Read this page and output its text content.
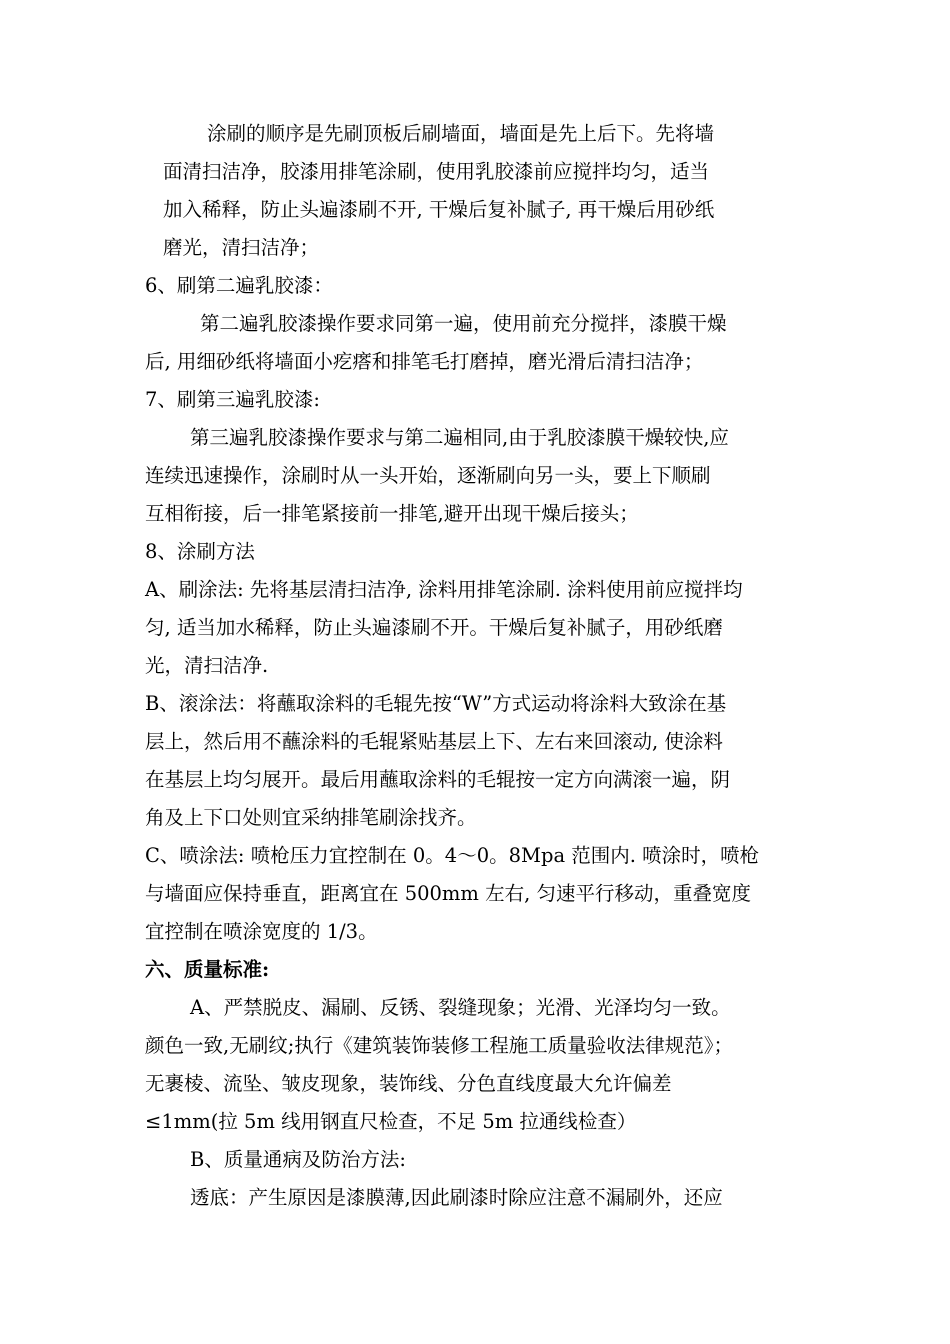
涂刷的顺序是先刷顶板后刷墙面，墙面是先上后下。先将墙
面清扫洁净，胶漆用排笔涂刷，使用乳胶漆前应搅拌均匀，适当
加入稀释，防止头遍漆刷不开, 干燥后复补腻子, 再干燥后用砂纸
磨光，清扫洁净；
6、刷第二遍乳胶漆：
第二遍乳胶漆操作要求同第一遍，使用前充分搅拌，漆膜干燥
后, 用细砂纸将墙面小疙瘩和排笔毛打磨掉，磨光滑后清扫洁净；
7、刷第三遍乳胶漆:
第三遍乳胶漆操作要求与第二遍相同,由于乳胶漆膜干燥较快,应
连续迅速操作，涂刷时从一头开始，逐渐刷向另一头，要上下顺刷
互相衔接，后一排笔紧接前一排笔,避开出现干燥后接头；
8、涂刷方法
A、刷涂法: 先将基层清扫洁净, 涂料用排笔涂刷. 涂料使用前应搅拌均
匀, 适当加水稀释，防止头遍漆刷不开。干燥后复补腻子，用砂纸磨
光，清扫洁净.
B、滚涂法：将蘸取涂料的毛辊先按“W”方式运动将涂料大致涂在基
层上，然后用不蘸涂料的毛辊紧贴基层上下、左右来回滚动, 使涂料
在基层上均匀展开。最后用蘸取涂料的毛辊按一定方向满滚一遍，阴
角及上下口处则宜采纳排笔刷涂找齐。
C、喷涂法: 喷枪压力宜控制在 0。4～0。8Mpa 范围内. 喷涂时，喷枪
与墙面应保持垂直，距离宜在 500mm 左右, 匀速平行移动，重叠宽度
宜控制在喷涂宽度的 1/3。
六、质量标准:
A、严禁脱皮、漏刷、反锈、裂缝现象；光滑、光泽均匀一致。
颜色一致,无刷纹;执行《建筑装饰装修工程施工质量验收法律规范》；
无裹棱、流坠、皱皮现象，装饰线、分色直线度最大允许偏差
≤1mm(拉 5m 线用钢直尺检查，不足 5m 拉通线检查）
B、质量通病及防治方法:
透底：产生原因是漆膜薄,因此刷漆时除应注意不漏刷外，还应
